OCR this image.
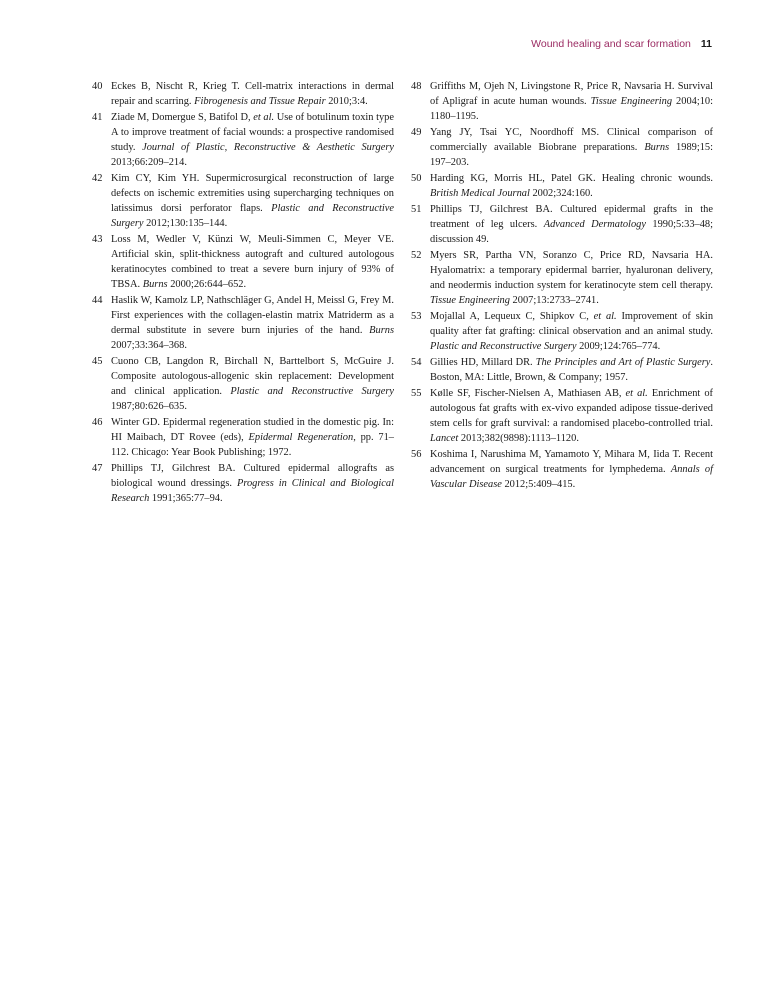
Wound healing and scar formation 11
40 Eckes B, Nischt R, Krieg T. Cell-matrix interactions in dermal repair and scarring. Fibrogenesis and Tissue Repair 2010;3:4.
41 Ziade M, Domergue S, Batifol D, et al. Use of botulinum toxin type A to improve treatment of facial wounds: a prospective randomised study. Journal of Plastic, Reconstructive & Aesthetic Surgery 2013;66:209–214.
42 Kim CY, Kim YH. Supermicrosurgical reconstruction of large defects on ischemic extremities using supercharging techniques on latissimus dorsi perforator flaps. Plastic and Reconstructive Surgery 2012;130:135–144.
43 Loss M, Wedler V, Künzi W, Meuli-Simmen C, Meyer VE. Artificial skin, split-thickness autograft and cultured autologous keratinocytes combined to treat a severe burn injury of 93% of TBSA. Burns 2000;26:644–652.
44 Haslik W, Kamolz LP, Nathschläger G, Andel H, Meissl G, Frey M. First experiences with the collagen-elastin matrix Matriderm as a dermal substitute in severe burn injuries of the hand. Burns 2007;33:364–368.
45 Cuono CB, Langdon R, Birchall N, Barttelbort S, McGuire J. Composite autologous-allogenic skin replacement: Development and clinical application. Plastic and Reconstructive Surgery 1987;80:626–635.
46 Winter GD. Epidermal regeneration studied in the domestic pig. In: HI Maibach, DT Rovee (eds), Epidermal Regeneration, pp. 71–112. Chicago: Year Book Publishing; 1972.
47 Phillips TJ, Gilchrest BA. Cultured epidermal allografts as biological wound dressings. Progress in Clinical and Biological Research 1991;365:77–94.
48 Griffiths M, Ojeh N, Livingstone R, Price R, Navsaria H. Survival of Apligraf in acute human wounds. Tissue Engineering 2004;10: 1180–1195.
49 Yang JY, Tsai YC, Noordhoff MS. Clinical comparison of commercially available Biobrane preparations. Burns 1989;15: 197–203.
50 Harding KG, Morris HL, Patel GK. Healing chronic wounds. British Medical Journal 2002;324:160.
51 Phillips TJ, Gilchrest BA. Cultured epidermal grafts in the treatment of leg ulcers. Advanced Dermatology 1990;5:33–48; discussion 49.
52 Myers SR, Partha VN, Soranzo C, Price RD, Navsaria HA. Hyalomatrix: a temporary epidermal barrier, hyaluronan delivery, and neodermis induction system for keratinocyte stem cell therapy. Tissue Engineering 2007;13:2733–2741.
53 Mojallal A, Lequeux C, Shipkov C, et al. Improvement of skin quality after fat grafting: clinical observation and an animal study. Plastic and Reconstructive Surgery 2009;124:765–774.
54 Gillies HD, Millard DR. The Principles and Art of Plastic Surgery. Boston, MA: Little, Brown, & Company; 1957.
55 Kølle SF, Fischer-Nielsen A, Mathiasen AB, et al. Enrichment of autologous fat grafts with ex-vivo expanded adipose tissue-derived stem cells for graft survival: a randomised placebo-controlled trial. Lancet 2013;382(9898):1113–1120.
56 Koshima I, Narushima M, Yamamoto Y, Mihara M, Iida T. Recent advancement on surgical treatments for lymphedema. Annals of Vascular Disease 2012;5:409–415.
